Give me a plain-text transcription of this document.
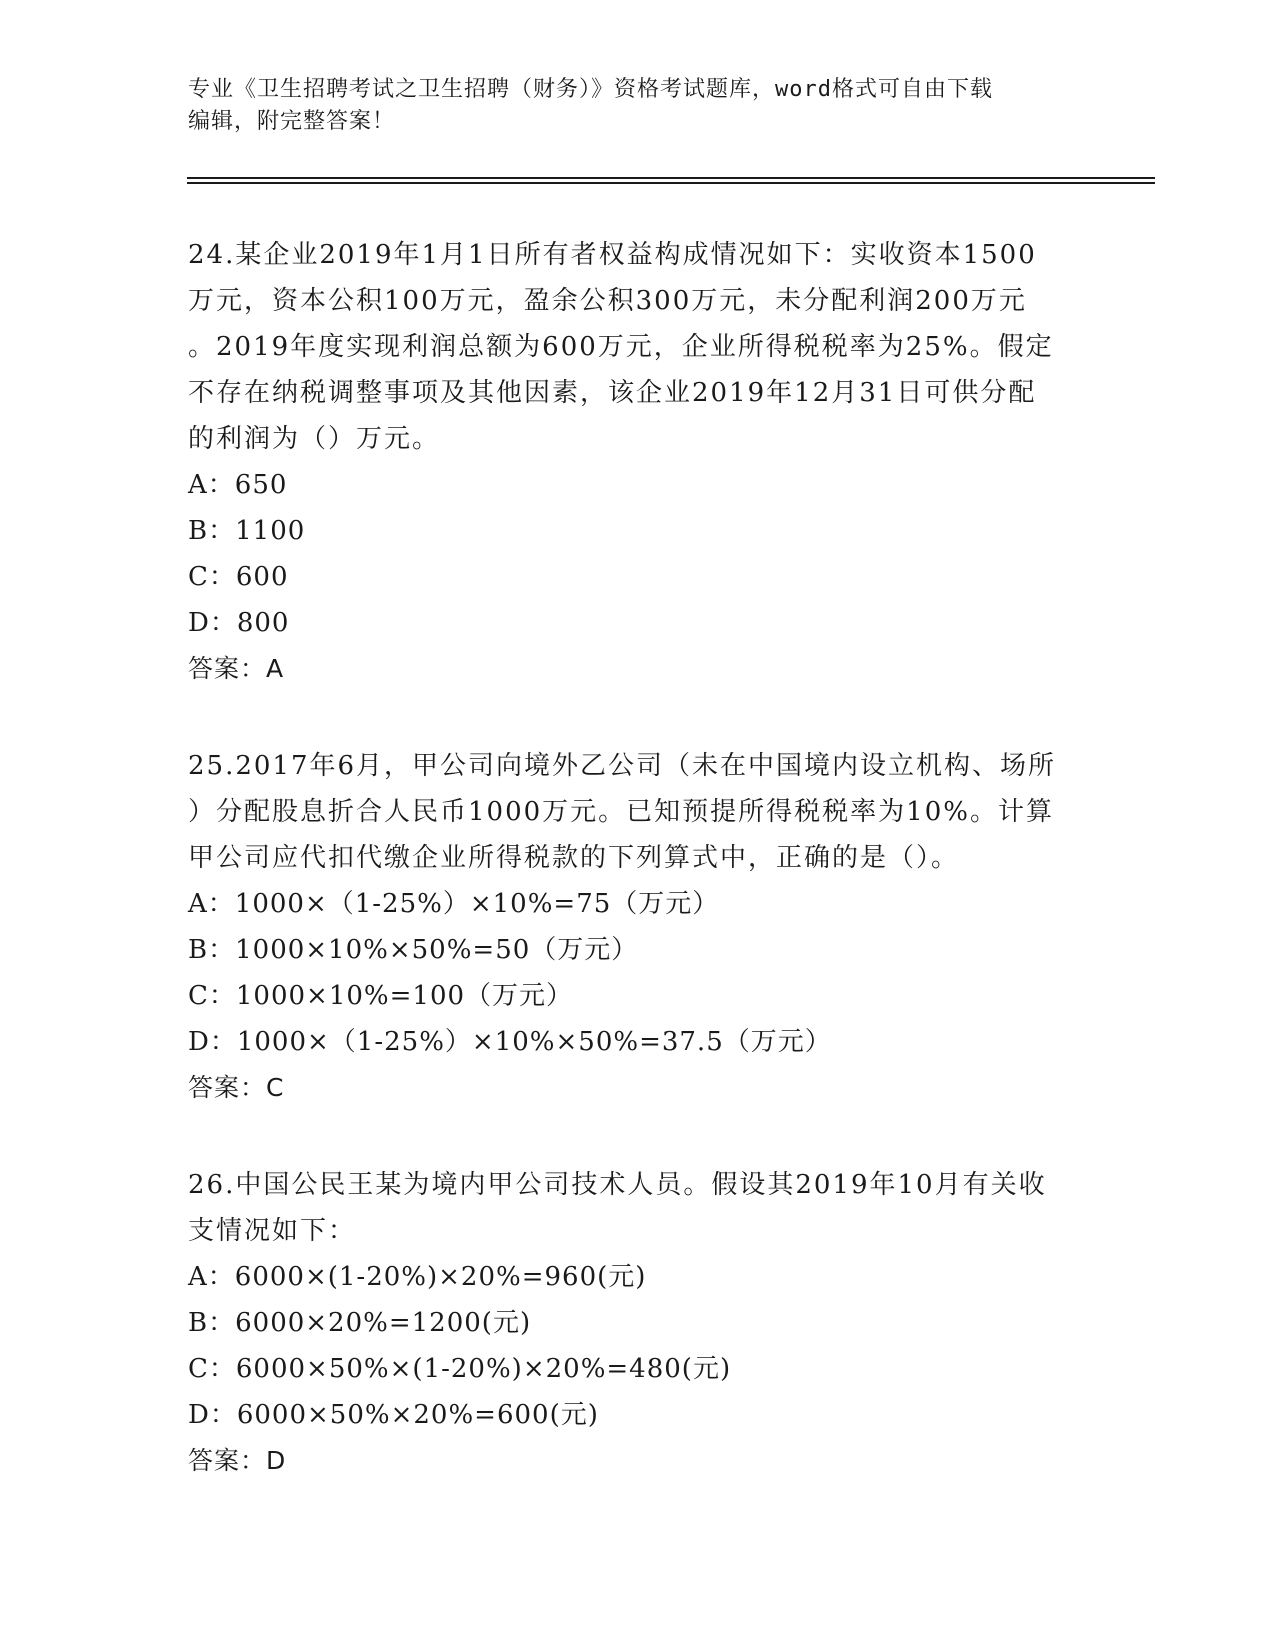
专业《卫生招聘考试之卫生招聘（财务）》资格考试题库，word格式可自由下载
编辑，附完整答案！
24.某企业2019年1月1日所有者权益构成情况如下：实收资本1500
万元，资本公积100万元，盈余公积300万元，未分配利润200万元
。2019年度实现利润总额为600万元，企业所得税税率为25%。假定
不存在纳税调整事项及其他因素，该企业2019年12月31日可供分配
的利润为（）万元。
A：650
B：1100
C：600
D：800
答案：A
25.2017年6月，甲公司向境外乙公司（未在中国境内设立机构、场所
）分配股息折合人民币1000万元。已知预提所得税税率为10%。计算
甲公司应代扣代缴企业所得税款的下列算式中，正确的是（）。
A：1000×（1-25%）×10%=75（万元）
B：1000×10%×50%=50（万元）
C：1000×10%=100（万元）
D：1000×（1-25%）×10%×50%=37.5（万元）
答案：C
26.中国公民王某为境内甲公司技术人员。假设其2019年10月有关收
支情况如下：
A：6000×(1-20%)×20%=960(元)
B：6000×20%=1200(元)
C：6000×50%×(1-20%)×20%=480(元)
D：6000×50%×20%=600(元)
答案：D
